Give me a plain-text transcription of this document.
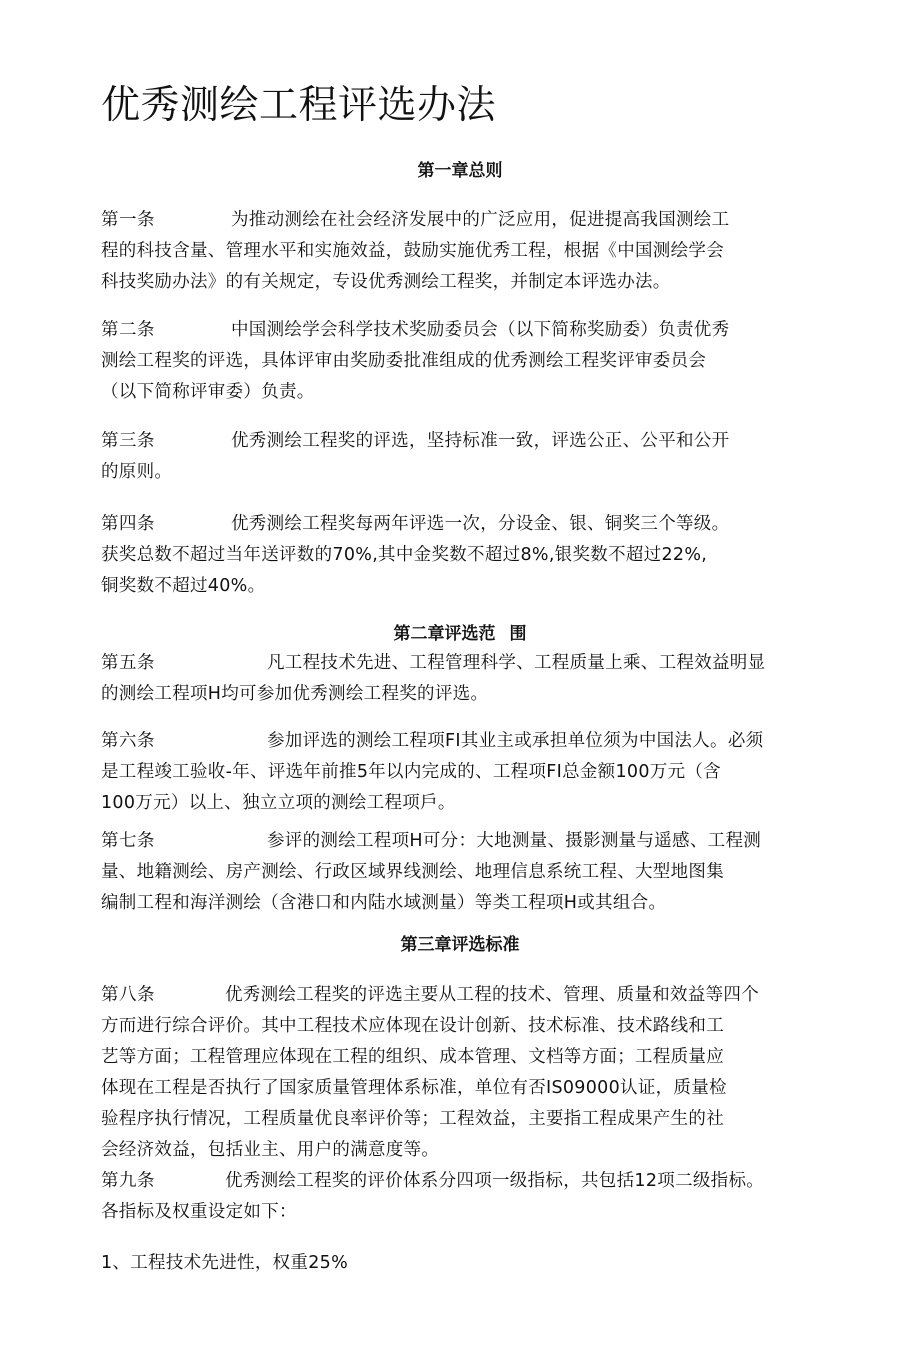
优秀测绘工程评选办法
第一章总则
第一条	为推动测绘在社会经济发展中的广泛应用，促进提高我国测绘工
程的科技含量、管理水平和实施效益，鼓励实施优秀工程，根据《中国测绘学会
科技奖励办法》的有关规定，专设优秀测绘工程奖，并制定本评选办法。
第二条	中国测绘学会科学技术奖励委员会（以下简称奖励委）负责优秀
测绘工程奖的评选，具体评审由奖励委批准组成的优秀测绘工程奖评审委员会
（以下简称评审委）负责。
第三条	优秀测绘工程奖的评选，坚持标准一致，评选公正、公平和公开
的原则。
第四条	优秀测绘工程奖每两年评选一次，分设金、银、铜奖三个等级。
获奖总数不超过当年送评数的70%,其中金奖数不超过8%,银奖数不超过22%,
铜奖数不超过40%。
第二章评选范 围
第五条	凡工程技术先进、工程管理科学、工程质量上乘、工程效益明显
的测绘工程项H均可参加优秀测绘工程奖的评选。
第六条	参加评选的测绘工程项FI其业主或承担单位须为中国法人。必须
是工程竣工验收-年、评选年前推5年以内完成的、工程项FI总金额100万元（含
100万元）以上、独立立项的测绘工程项戶。
第七条	参评的测绘工程项H可分：大地测量、摄影测量与遥感、工程测
量、地籍测绘、房产测绘、行政区域界线测绘、地理信息系统工程、大型地图集
编制工程和海洋测绘（含港口和内陆水域测量）等类工程项H或其组合。
第三章评选标准
第八条	优秀测绘工程奖的评选主要从工程的技术、管理、质量和效益等四个
方而进行综合评价。其中工程技术应体现在设计创新、技术标准、技术路线和工
艺等方面；工程管理应体现在工程的组织、成本管理、文档等方面；工程质量应
体现在工程是否执行了国家质量管理体系标准，单位有否IS09000认证，质量检
验程序执行情况，工程质量优良率评价等；工程效益，主要指工程成果产生的社
会经济效益，包括业主、用户的满意度等。
第九条	优秀测绘工程奖的评价体系分四项一级指标，共包括12项二级指标。
各指标及权重设定如下：
1、工程技术先进性，权重25%
